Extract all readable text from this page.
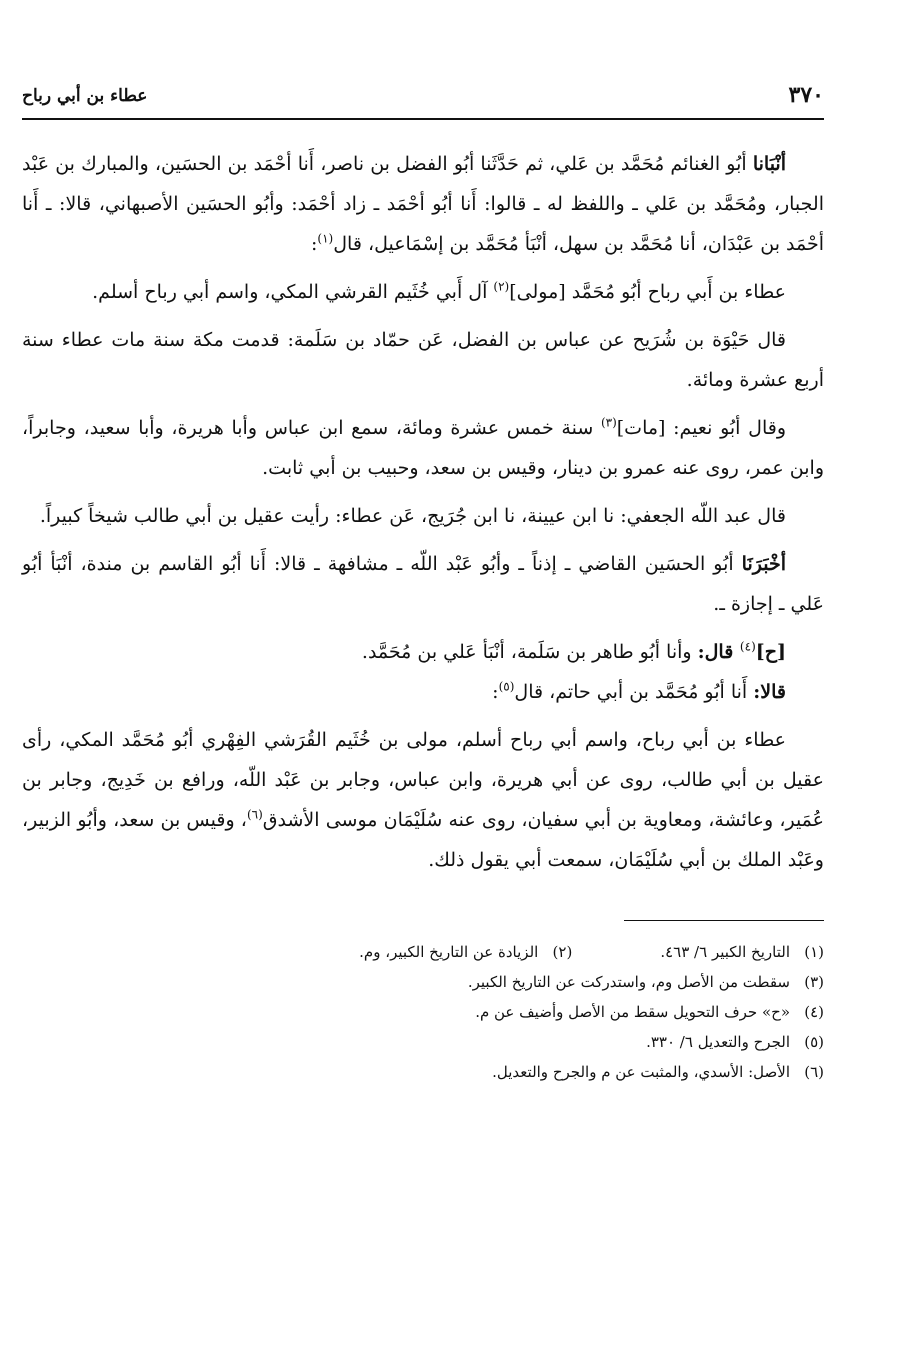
٣٧٠
عطاء بن أبي رباح

أنْبَانا أبُو الغنائم مُحَمَّد بن عَلي، ثم حَدَّثَنا أبُو الفضل بن ناصر، أَنا أحْمَد بن الحسَين، والمبارك بن عَبْد الجبار، ومُحَمَّد بن عَلي ـ واللفظ له ـ قالوا: أَنا أبُو أحْمَد ـ زاد أحْمَد: وأبُو الحسَين الأصبهاني، قالا: ـ أَنا أحْمَد بن عَبْدَان، أنا مُحَمَّد بن سهل، أنْبَأ مُحَمَّد بن إسْمَاعيل، قال$^{(١)}$:

عطاء بن أَبي رباح أبُو مُحَمَّد [مولى]$^{(٢)}$ آل أَبي خُثَيم القرشي المكي، واسم أبي رباح أسلم.

قال حَيْوَة بن شُرَيح عن عباس بن الفضل، عَن حمّاد بن سَلَمة: قدمت مكة سنة مات عطاء سنة أربع عشرة ومائة.

وقال أبُو نعيم: [مات]$^{(٣)}$ سنة خمس عشرة ومائة، سمع ابن عباس وأبا هريرة، وأبا سعيد، وجابراً، وابن عمر، روى عنه عمرو بن دينار، وقيس بن سعد، وحبيب بن أبي ثابت.

قال عبد اللّه الجعفي: نا ابن عيينة، نا ابن جُرَيج، عَن عطاء: رأيت عقيل بن أبي طالب شيخاً كبيراً.

أخْبَرَنَا أبُو الحسَين القاضي ـ إذناً ـ وأبُو عَبْد اللّه ـ مشافهة ـ قالا: أَنا أبُو القاسم بن مندة، أنْبَأ أبُو عَلي ـ إجازة ـ.

[ح]$^{(٤)}$ قال: وأنا أبُو طاهر بن سَلَمة، أنْبَأ عَلي بن مُحَمَّد.

قالا: أَنا أبُو مُحَمَّد بن أبي حاتم، قال$^{(٥)}$:

عطاء بن أبي رباح، واسم أبي رباح أسلم، مولى بن خُثَيم القُرَشي الفِهْري أبُو مُحَمَّد المكي، رأى عقيل بن أبي طالب، روى عن أبي هريرة، وابن عباس، وجابر بن عَبْد اللّه، ورافع بن خَدِيج، وجابر بن عُمَير، وعائشة، ومعاوية بن أبي سفيان، روى عنه سُلَيْمَان موسى الأشدق$^{(٦)}$، وقيس بن سعد، وأبُو الزبير، وعَبْد الملك بن أبي سُلَيْمَان، سمعت أبي يقول ذلك.

(١)
التاريخ الكبير ٦/ ٤٦٣.
(٢)
الزيادة عن التاريخ الكبير، وم.
(٣)
سقطت من الأصل وم، واستدركت عن التاريخ الكبير.
(٤)
«ح» حرف التحويل سقط من الأصل وأضيف عن م.
(٥)
الجرح والتعديل ٦/ ٣٣٠.
(٦)
الأصل: الأسدي، والمثبت عن م والجرح والتعديل.
